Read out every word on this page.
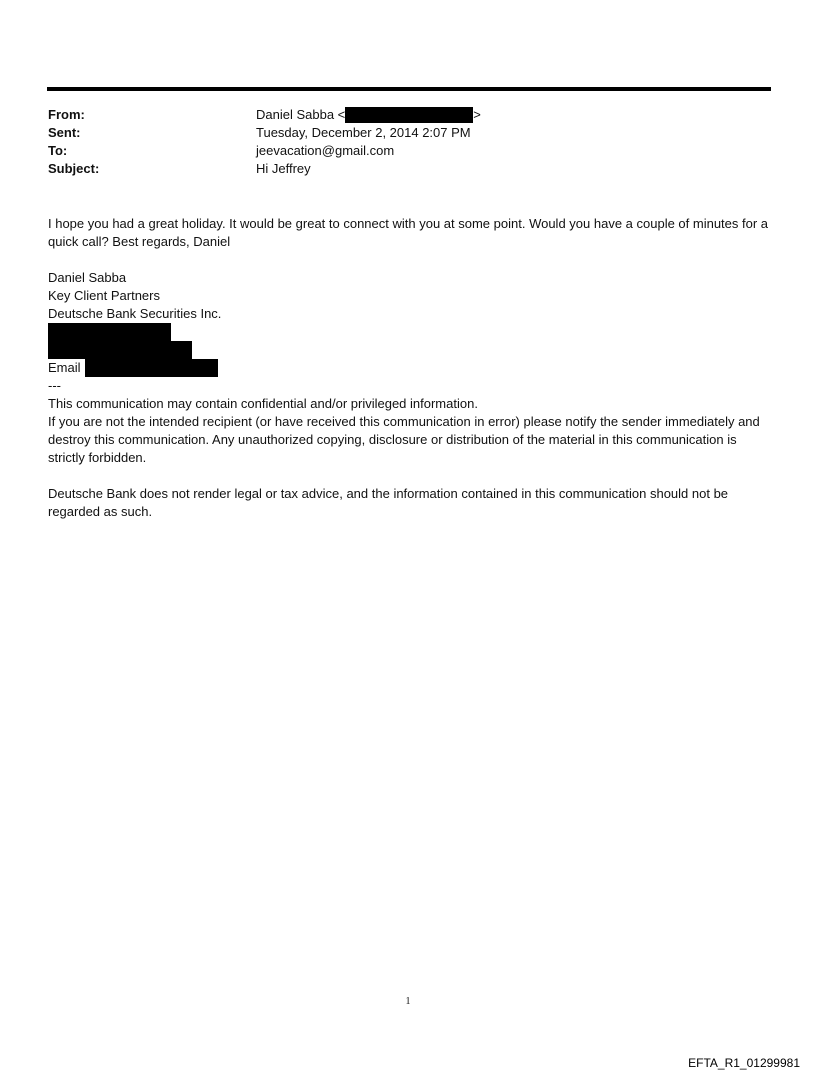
From:	Daniel Sabba <	>
Sent:	Tuesday, December 2, 2014 2:07 PM
To:	jeevacation@gmail.com
Subject:	Hi Jeffrey

I hope you had a great holiday. It would be great to connect with you at some point. Would you have a couple of minutes for a quick call? Best regards, Daniel

Daniel Sabba
Key Client Partners
Deutsche Bank Securities Inc.
Email
---

This communication may contain confidential and/or privileged information.

If you are not the intended recipient (or have received this communication in error) please notify the sender immediately and destroy this communication. Any unauthorized copying, disclosure or distribution of the material in this communication is strictly forbidden.

Deutsche Bank does not render legal or tax advice, and the information contained in this communication should not be regarded as such.

1
EFTA_R1_01299981
